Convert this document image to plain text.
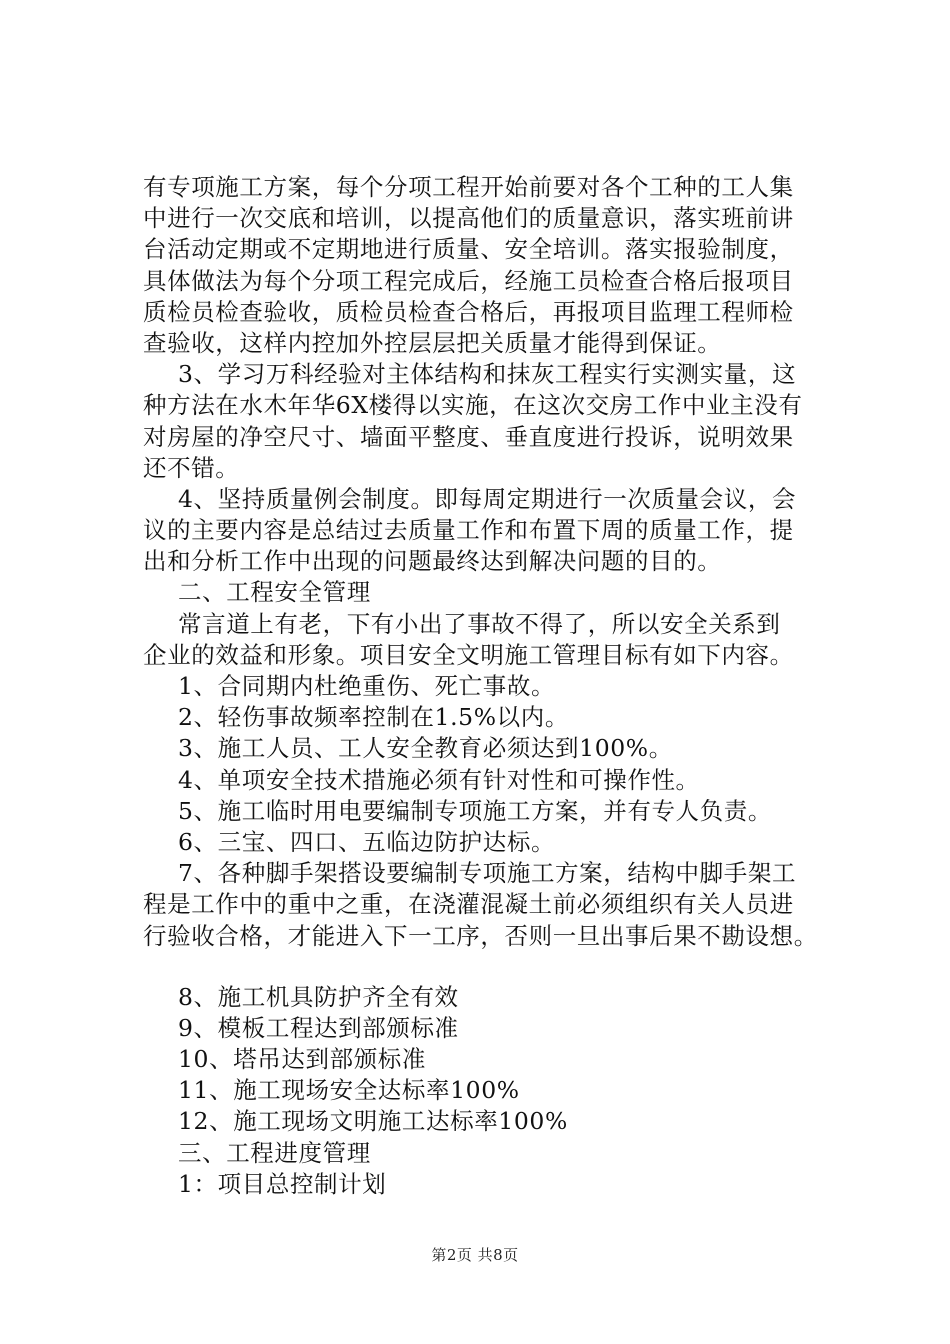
有专项施工方案，每个分项工程开始前要对各个工种的工人集
中进行一次交底和培训，以提高他们的质量意识，落实班前讲
台活动定期或不定期地进行质量、安全培训。落实报验制度，
具体做法为每个分项工程完成后，经施工员检查合格后报项目
质检员检查验收，质检员检查合格后，再报项目监理工程师检
查验收，这样内控加外控层层把关质量才能得到保证。
3、学习万科经验对主体结构和抹灰工程实行实测实量，这
种方法在水木年华6X楼得以实施，在这次交房工作中业主没有
对房屋的净空尺寸、墙面平整度、垂直度进行投诉，说明效果
还不错。
4、坚持质量例会制度。即每周定期进行一次质量会议，会
议的主要内容是总结过去质量工作和布置下周的质量工作，提
出和分析工作中出现的问题最终达到解决问题的目的。
二、工程安全管理
常言道上有老，下有小出了事故不得了，所以安全关系到
企业的效益和形象。项目安全文明施工管理目标有如下内容。
1、合同期内杜绝重伤、死亡事故。
2、轻伤事故频率控制在1.5%以内。
3、施工人员、工人安全教育必须达到100%。
4、单项安全技术措施必须有针对性和可操作性。
5、施工临时用电要编制专项施工方案，并有专人负责。
6、三宝、四口、五临边防护达标。
7、各种脚手架搭设要编制专项施工方案，结构中脚手架工
程是工作中的重中之重，在浇灌混凝土前必须组织有关人员进
行验收合格，才能进入下一工序，否则一旦出事后果不勘设想。
8、施工机具防护齐全有效
9、模板工程达到部颁标准
10、塔吊达到部颁标准
11、施工现场安全达标率100%
12、施工现场文明施工达标率100%
三、工程进度管理
1：项目总控制计划
第2页 共8页
